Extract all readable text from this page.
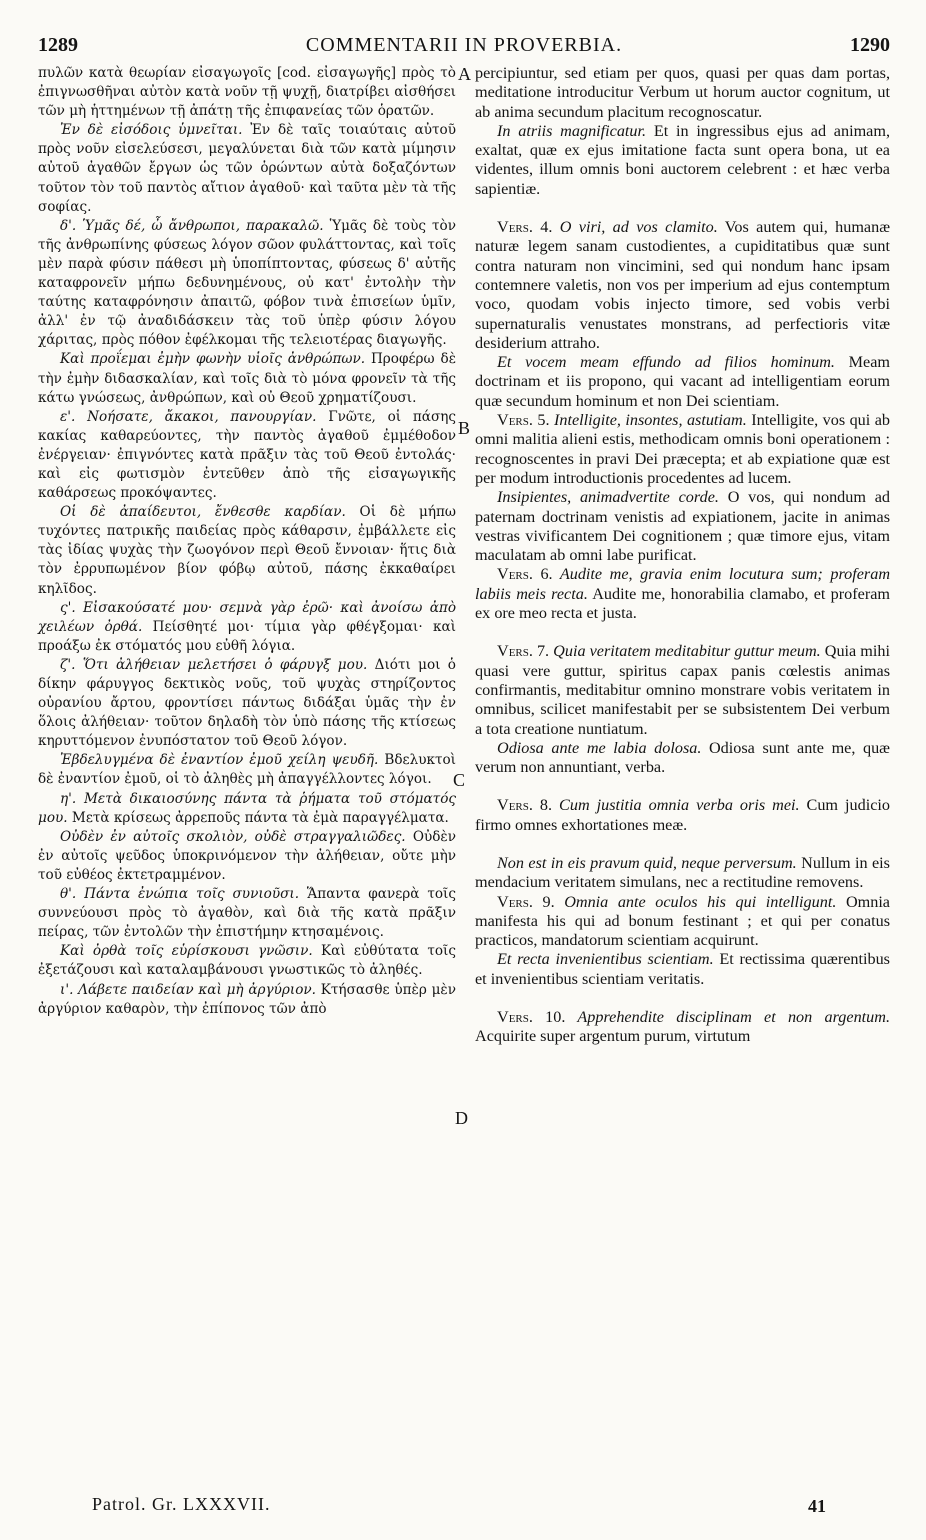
1289	COMMENTARII IN PROVERBIA.	1290

πυλῶν κατὰ θεωρίαν εἰσαγωγοῖς [cod. εἰσαγωγῆς] πρὸς τὸ ἐπιγνωσθῆναι αὐτὸν κατὰ νοῦν τῇ ψυχῇ, διατρίβει αἰσθήσει τῶν μὴ ἡττημένων τῇ ἀπάτῃ τῆς ἐπιφανείας τῶν ὁρατῶν.

Ἐν δὲ εἰσόδοις ὑμνεῖται. Ἐν δὲ ταῖς τοιαύταις αὐτοῦ πρὸς νοῦν εἰσελεύσεσι, μεγαλύνεται διὰ τῶν κατὰ μίμησιν αὐτοῦ ἀγαθῶν ἔργων ὡς τῶν ὁρώντων αὐτὰ δοξαζόντων τοῦτον τὸν τοῦ παντὸς αἴτιον ἀγαθοῦ· καὶ ταῦτα μὲν τὰ τῆς σοφίας.

δ'. Ὑμᾶς δέ, ὦ ἄνθρωποι, παρακαλῶ. Ὑμᾶς δὲ τοὺς τὸν τῆς ἀνθρωπίνης φύσεως λόγον σῶον φυλάττοντας, καὶ τοῖς μὲν παρὰ φύσιν πάθεσι μὴ ὑποπίπτοντας, φύσεως δ' αὐτῆς καταφρονεῖν μήπω δεδυνημένους, οὐ κατ' ἐντολὴν τὴν ταύτης καταφρόνησιν ἀπαιτῶ, φόβον τινὰ ἐπισείων ὑμῖν, ἀλλ' ἐν τῷ ἀναδιδάσκειν τὰς τοῦ ὑπὲρ φύσιν λόγου χάριτας, πρὸς πόθον ἐφέλκομαι τῆς τελειοτέρας διαγωγῆς.

Καὶ προΐεμαι ἐμὴν φωνὴν υἱοῖς ἀνθρώπων. Προφέρω δὲ τὴν ἐμὴν διδασκαλίαν, καὶ τοῖς διὰ τὸ μόνα φρονεῖν τὰ τῆς κάτω γνώσεως, ἀνθρώπων, καὶ οὐ Θεοῦ χρηματίζουσι.

ε'. Νοήσατε, ἄκακοι, πανουργίαν. Γνῶτε, οἱ πάσης κακίας καθαρεύοντες, τὴν παντὸς ἀγαθοῦ ἐμμέθοδον ἐνέργειαν· ἐπιγνόντες κατὰ πρᾶξιν τὰς τοῦ Θεοῦ ἐντολάς· καὶ εἰς φωτισμὸν ἐντεῦθεν ἀπὸ τῆς εἰσαγωγικῆς καθάρσεως προκόψαντες.

Οἱ δὲ ἀπαίδευτοι, ἔνθεσθε καρδίαν. Οἱ δὲ μήπω τυχόντες πατρικῆς παιδείας πρὸς κάθαρσιν, ἐμβάλλετε εἰς τὰς ἰδίας ψυχὰς τὴν ζωογόνον περὶ Θεοῦ ἔννοιαν· ἥτις διὰ τὸν ἐρρυπωμένον βίον φόβῳ αὐτοῦ, πάσης ἐκκαθαίρει κηλῖδος.

ς'. Εἰσακούσατέ μου· σεμνὰ γὰρ ἐρῶ· καὶ ἀνοίσω ἀπὸ χειλέων ὀρθά. Πείσθητέ μοι· τίμια γὰρ φθέγξομαι· καὶ προάξω ἐκ στόματός μου εὐθῆ λόγια.

ζ'. Ὅτι ἀλήθειαν μελετήσει ὁ φάρυγξ μου. Διότι μοι ὁ δίκην φάρυγγος δεκτικὸς νοῦς, τοῦ ψυχὰς στηρίζοντος οὐρανίου ἄρτου, φροντίσει πάντως διδάξαι ὑμᾶς τὴν ἐν ὅλοις ἀλήθειαν· τοῦτον δηλαδὴ τὸν ὑπὸ πάσης τῆς κτίσεως κηρυττόμενον ἐνυπόστατον τοῦ Θεοῦ λόγον.

Ἐβδελυγμένα δὲ ἐναντίον ἐμοῦ χείλη ψευδῆ. Βδελυκτοὶ δὲ ἐναντίον ἐμοῦ, οἱ τὸ ἀληθὲς μὴ ἀπαγγέλλοντες λόγοι.

η'. Μετὰ δικαιοσύνης πάντα τὰ ῥήματα τοῦ στόματός μου. Μετὰ κρίσεως ἀρρεποῦς πάντα τὰ ἐμὰ παραγγέλματα.

Οὐδὲν ἐν αὐτοῖς σκολιὸν, οὐδὲ στραγγαλιῶδες. Οὐδὲν ἐν αὐτοῖς ψεῦδος ὑποκρινόμενον τὴν ἀλήθειαν, οὔτε μὴν τοῦ εὐθέος ἐκτετραμμένον.

θ'. Πάντα ἐνώπια τοῖς συνιοῦσι. Ἅπαντα φανερὰ τοῖς συννεύουσι πρὸς τὸ ἀγαθὸν, καὶ διὰ τῆς κατὰ πρᾶξιν πείρας, τῶν ἐντολῶν τὴν ἐπιστήμην κτησαμένοις.

Καὶ ὀρθὰ τοῖς εὑρίσκουσι γνῶσιν. Καὶ εὐθύτατα τοῖς ἐξετάζουσι καὶ καταλαμβάνουσι γνωστικῶς τὸ ἀληθές.

ι'. Λάβετε παιδείαν καὶ μὴ ἀργύριον. Κτήσασθε ὑπὲρ μὲν ἀργύριον καθαρὸν, τὴν ἐπίπονος τῶν ἀπὸ

percipiuntur, sed etiam per quos, quasi per quas dam portas, meditatione introducitur Verbum ut horum auctor cognitum, ut ab anima secundum placitum recognoscatur.

In atriis magnificatur. Et in ingressibus ejus ad animam, exaltat, quæ ex ejus imitatione facta sunt opera bona, ut ea videntes, illum omnis boni auctorem celebrent : et hæc verba sapientiæ.

Vers. 4. O viri, ad vos clamito. Vos autem qui, humanæ naturæ legem sanam custodientes, a cupiditatibus quæ sunt contra naturam non vincimini, sed qui nondum hanc ipsam contemnere valetis, non vos per imperium ad ejus contemptum voco, quodam vobis injecto timore, sed vobis verbi supernaturalis venustates monstrans, ad perfectioris vitæ desiderium attraho.

Et vocem meam effundo ad filios hominum. Meam doctrinam et iis propono, qui vacant ad intelligentiam eorum quæ secundum hominum et non Dei scientiam.

Vers. 5. Intelligite, insontes, astutiam. Intelligite, vos qui ab omni malitia alieni estis, methodicam omnis boni operationem : recognoscentes in pravi Dei præcepta; et ab expiatione quæ est per modum introductionis procedentes ad lucem.

Insipientes, animadvertite corde. O vos, qui nondum ad paternam doctrinam venistis ad expiationem, jacite in animas vestras vivificantem Dei cognitionem ; quæ timore ejus, vitam maculatam ab omni labe purificat.

Vers. 6. Audite me, gravia enim locutura sum; proferam labiis meis recta. Audite me, honorabilia clamabo, et proferam ex ore meo recta et justa.

Vers. 7. Quia veritatem meditabitur guttur meum. Quia mihi quasi vere guttur, spiritus capax panis cœlestis animas confirmantis, meditabitur omnino monstrare vobis veritatem in omnibus, scilicet manifestabit per se subsistentem Dei verbum a tota creatione nuntiatum.

Odiosa ante me labia dolosa. Odiosa sunt ante me, quæ verum non annuntiant, verba.

Vers. 8. Cum justitia omnia verba oris mei. Cum judicio firmo omnes exhortationes meæ.

Non est in eis pravum quid, neque perversum. Nullum in eis mendacium veritatem simulans, nec a rectitudine removens.

Vers. 9. Omnia ante oculos his qui intelligunt. Omnia manifesta his qui ad bonum festinant ; et qui per conatus practicos, mandatorum scientiam acquirunt.

Et recta invenientibus scientiam. Et rectissima quærentibus et invenientibus scientiam veritatis.

Vers. 10. Apprehendite disciplinam et non argentum. Acquirite super argentum purum, virtutum

A
B
C
D
Patrol. Gr. LXXXVII.	41
